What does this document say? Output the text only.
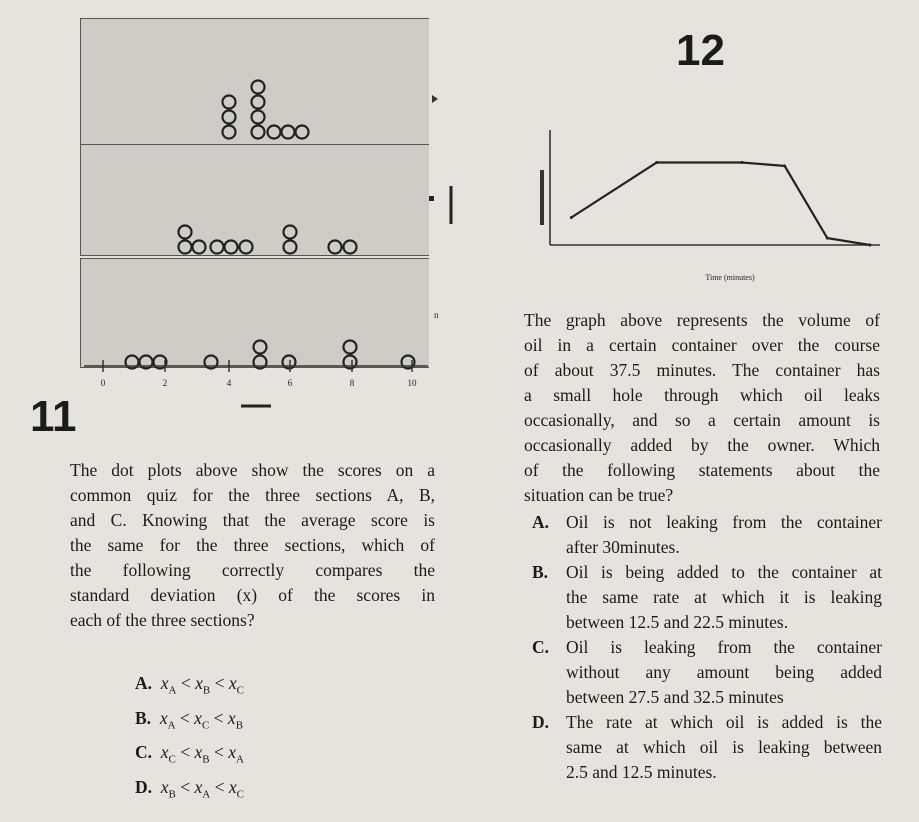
0	2	4	6	8	10
n
11
The dot plots above show the scores on a
common quiz for the three sections A, B,
and C. Knowing that the average score is
the same for the three sections, which of
the following correctly compares the
standard deviation (x) of the scores in
each of the three sections?
A. $x_A < x_B < x_C$
B. $x_A < x_C < x_B$
C. $x_C < x_B < x_A$
D. $x_B < x_A < x_C$
12
Time (minutes)
The graph above represents the volume of
oil in a certain container over the course
of about 37.5 minutes. The container has
a small hole through which oil leaks
occasionally, and so a certain amount is
occasionally added by the owner. Which
of the following statements about the
situation can be true?
A. Oil is not leaking from the container
after 30minutes.
B. Oil is being added to the container at
the same rate at which it is leaking
between 12.5 and 22.5 minutes.
C. Oil is leaking from the container
without any amount being added
between 27.5 and 32.5 minutes
D. The rate at which oil is added is the
same at which oil is leaking between
2.5 and 12.5 minutes.
